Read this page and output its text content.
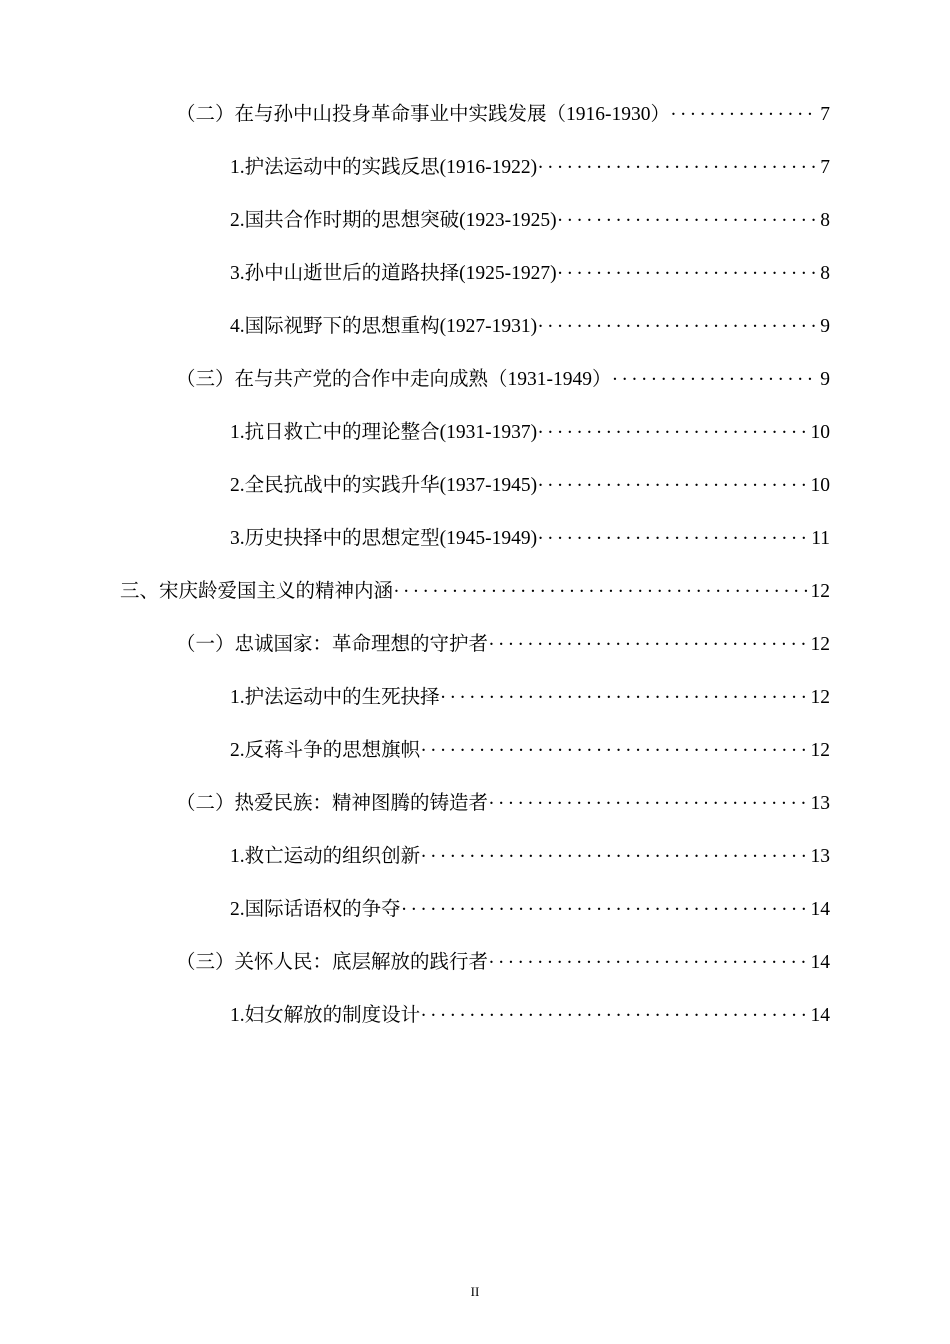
（二）在与孙中山投身革命事业中实践发展（1916-1930） . . .	7
1.护法运动中的实践反思(1916-1922) . . .	7
2.国共合作时期的思想突破(1923-1925) . . .	8
3.孙中山逝世后的道路抉择(1925-1927) . . .	8
4.国际视野下的思想重构(1927-1931) . . .	9
（三）在与共产党的合作中走向成熟（1931-1949） . . .	9
1.抗日救亡中的理论整合(1931-1937) . . .	10
2.全民抗战中的实践升华(1937-1945) . . .	10
3.历史抉择中的思想定型(1945-1949) . . .	11
三、宋庆龄爱国主义的精神内涵 . . .	12
（一）忠诚国家：革命理想的守护者 . . .	12
1.护法运动中的生死抉择 . . .	12
2.反蒋斗争的思想旗帜 . . .	12
（二）热爱民族：精神图腾的铸造者 . . .	13
1.救亡运动的组织创新 . . .	13
2.国际话语权的争夺 . . .	14
（三）关怀人民：底层解放的践行者 . . .	14
1.妇女解放的制度设计 . . .	14
II
